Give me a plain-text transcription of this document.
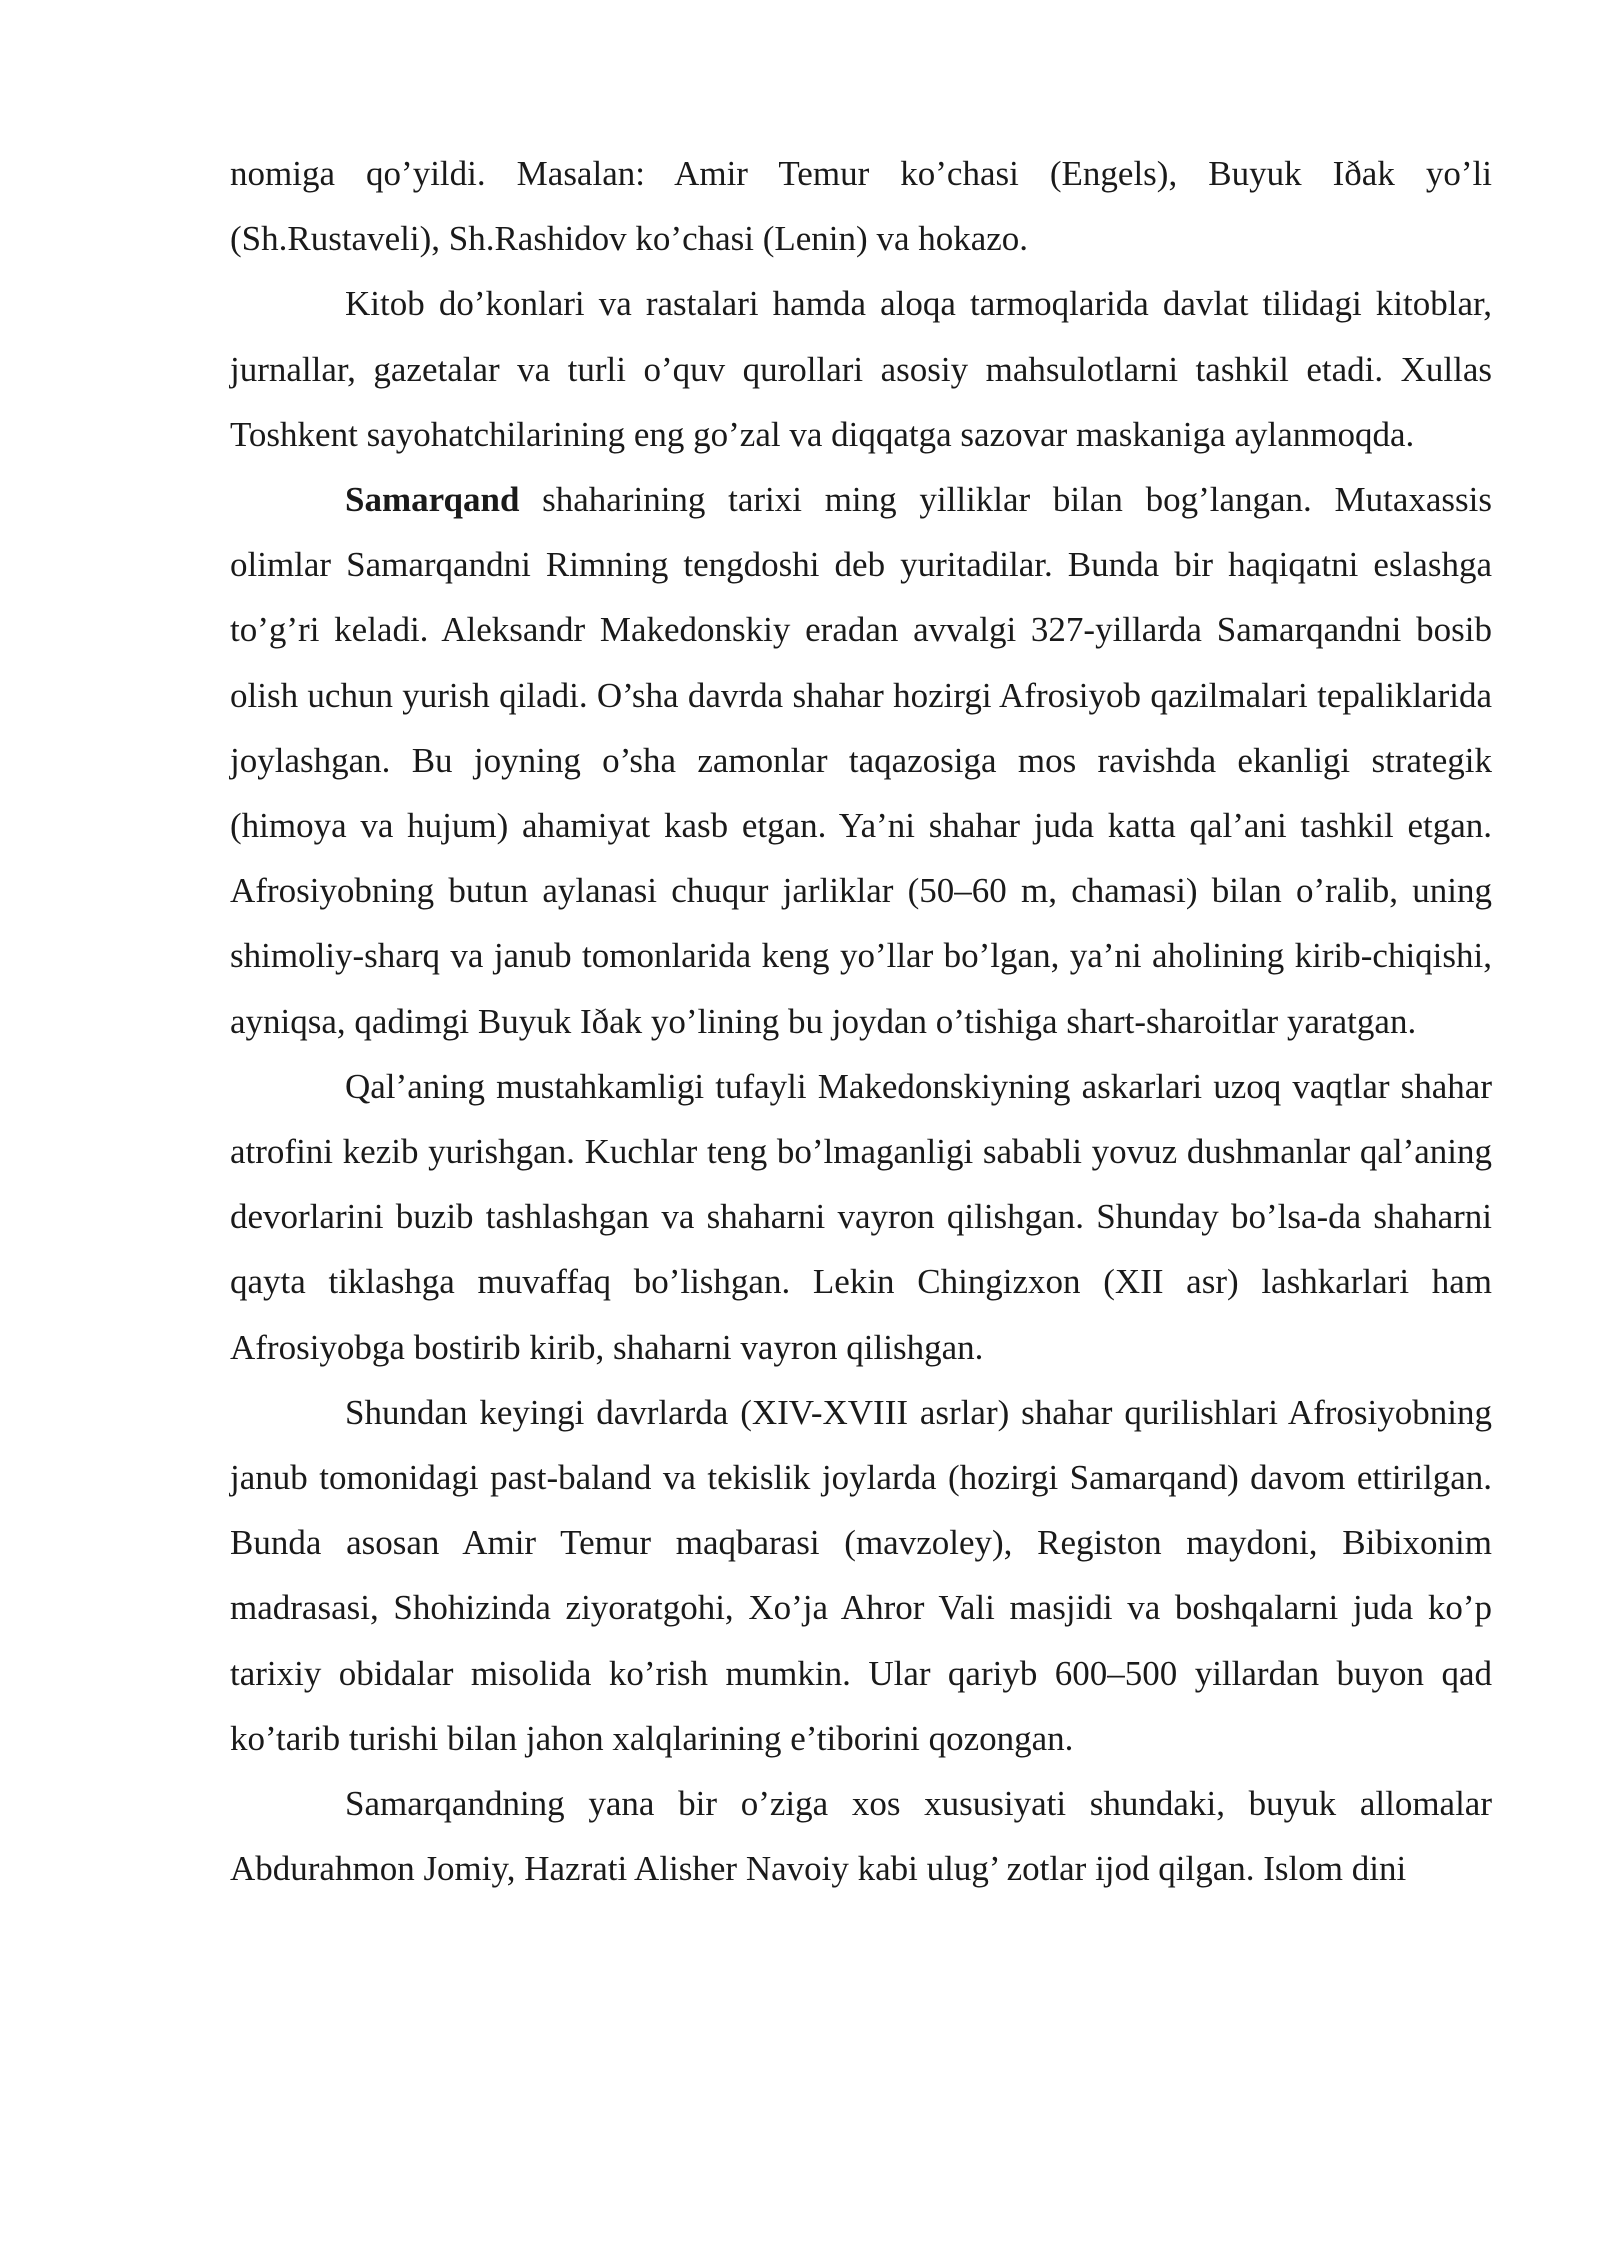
nomiga qo’yildi. Masalan: Amir Temur ko’chasi (Engels), Buyuk Iðak yo’li (Sh.Rustaveli), Sh.Rashidov ko’chasi (Lenin) va hokazo.

Kitob do’konlari va rastalari hamda aloqa tarmoqlarida davlat tilidagi kitoblar, jurnallar, gazetalar va turli o’quv qurollari asosiy mahsulotlarni tashkil etadi. Xullas Toshkent sayohatchilarining eng go’zal va diqqatga sazovar maskaniga aylanmoqda.

Samarqand shaharining tarixi ming yilliklar bilan bog’langan. Mutaxassis olimlar Samarqandni Rimning tengdoshi deb yuritadilar. Bunda bir haqiqatni eslashga to’g’ri keladi. Aleksandr Makedonskiy eradan avvalgi 327-yillarda Samarqandni bosib olish uchun yurish qiladi. O’sha davrda shahar hozirgi Afrosiyob qazilmalari tepaliklarida joylashgan. Bu joyning o’sha zamonlar taqazosiga mos ravishda ekanligi strategik (himoya va hujum) ahamiyat kasb etgan. Ya’ni shahar juda katta qal’ani tashkil etgan. Afrosiyobning butun aylanasi chuqur jarliklar (50–60 m, chamasi) bilan o’ralib, uning shimoliy-sharq va janub tomonlarida keng yo’llar bo’lgan, ya’ni aholining kirib-chiqishi, ayniqsa, qadimgi Buyuk Iðak yo’lining bu joydan o’tishiga shart-sharoitlar yaratgan.

Qal’aning mustahkamligi tufayli Makedonskiyning askarlari uzoq vaqtlar shahar atrofini kezib yurishgan. Kuchlar teng bo’lmaganligi sababli yovuz dushmanlar qal’aning devorlarini buzib tashlashgan va shaharni vayron qilishgan. Shunday bo’lsa-da shaharni qayta tiklashga muvaffaq bo’lishgan. Lekin Chingizxon (XII asr) lashkarlari ham Afrosiyobga bostirib kirib, shaharni vayron qilishgan.

Shundan keyingi davrlarda (XIV-XVIII asrlar) shahar qurilishlari Afrosiyobning janub tomonidagi past-baland va tekislik joylarda (hozirgi Samarqand) davom ettirilgan. Bunda asosan Amir Temur maqbarasi (mavzoley), Registon maydoni, Bibixonim madrasasi, Shohizinda ziyoratgohi, Xo’ja Ahror Vali masjidi va boshqalarni juda ko’p tarixiy obidalar misolida ko’rish mumkin. Ular qariyb 600–500 yillardan buyon qad ko’tarib turishi bilan jahon xalqlarining e’tiborini qozongan.

Samarqandning yana bir o’ziga xos xususiyati shundaki, buyuk allomalar Abdurahmon Jomiy, Hazrati Alisher Navoiy kabi ulug’ zotlar ijod qilgan. Islom dini
